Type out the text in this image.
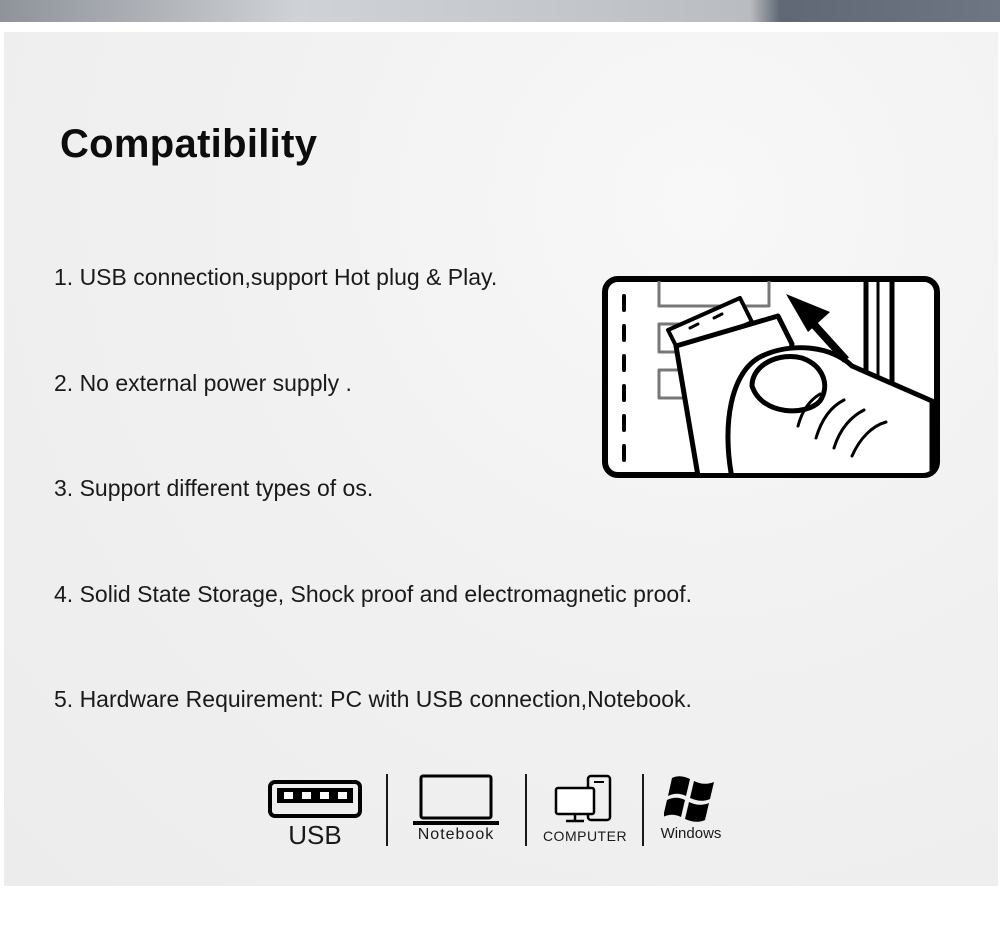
Compatibility

1. USB connection,support Hot plug & Play.

2. No external power supply .

3. Support different types of os.

4. Solid State Storage, Shock proof and electromagnetic proof.

5. Hardware Requirement: PC with USB connection,Notebook.

USB	Notebook	COMPUTER	Windows
